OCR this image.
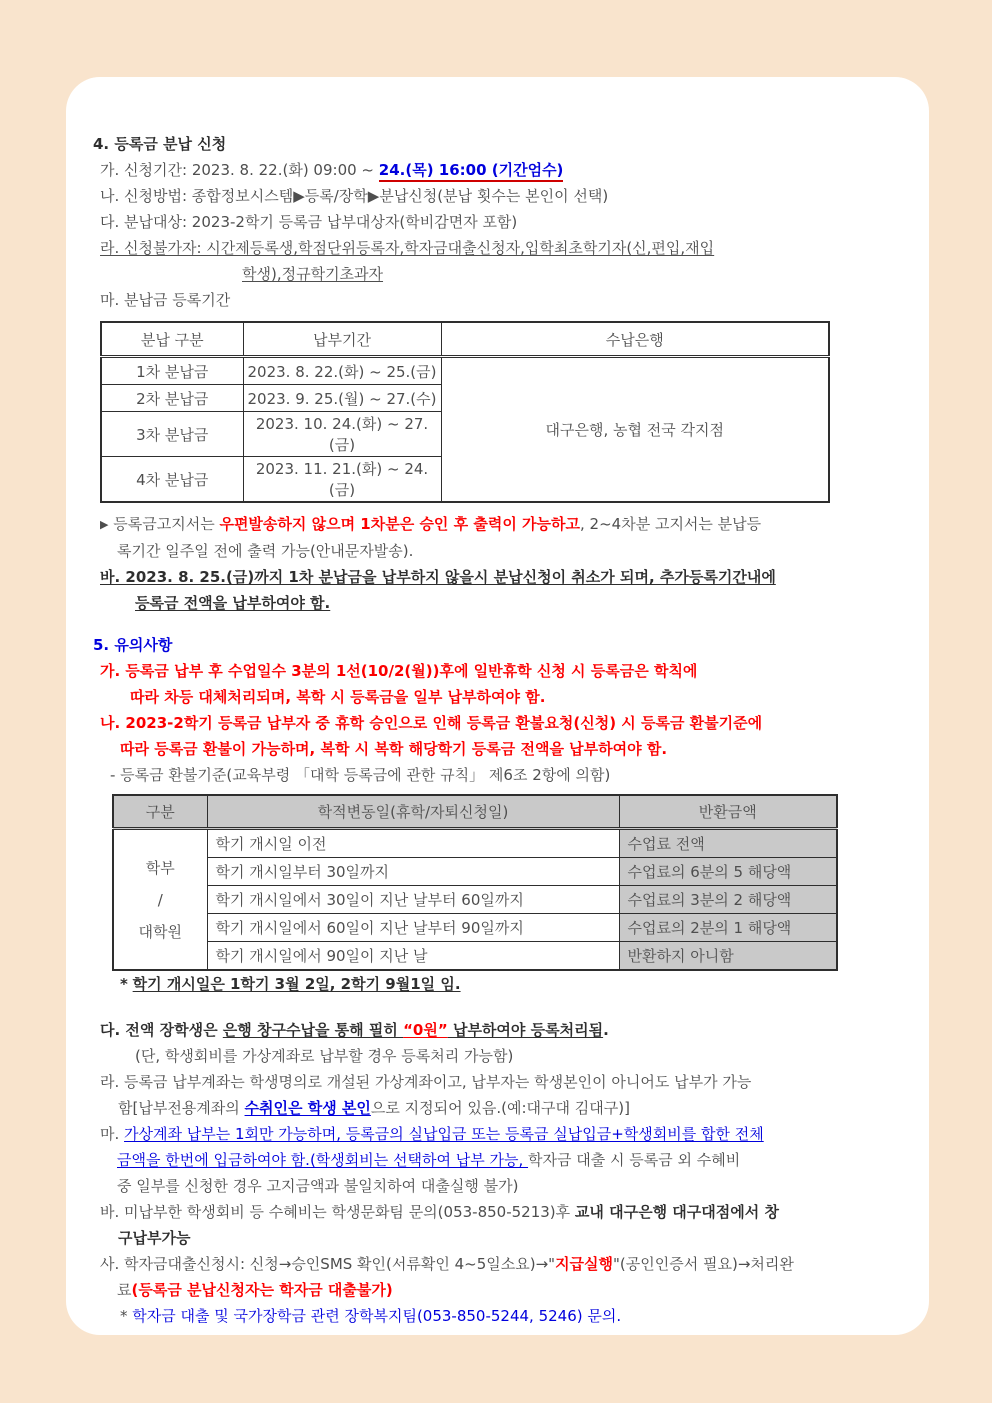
4. 등록금 분납 신청
가. 신청기간: 2023. 8. 22.(화) 09:00 ~ 24.(목) 16:00 (기간엄수)
나. 신청방법: 종합정보시스템▶등록/장학▶분납신청(분납 횟수는 본인이 선택)
다. 분납대상: 2023-2학기 등록금 납부대상자(학비감면자 포함)
라. 신청불가자: 시간제등록생,학점단위등록자,학자금대출신청자,입학최초학기자(신,편입,재입
학생),정규학기초과자
마. 분납금 등록기간
분납 구분	납부기간	수납은행
1차 분납금	2023. 8. 22.(화) ~ 25.(금)	대구은행, 농협 전국 각지점
2차 분납금	2023. 9. 25.(월) ~ 27.(수)	
3차 분납금	2023. 10. 24.(화) ~ 27.(금)	
4차 분납금	2023. 11. 21.(화) ~ 24.(금)	
▶ 등록금고지서는 우편발송하지 않으며 1차분은 승인 후 출력이 가능하고, 2~4차분 고지서는 분납등
록기간 일주일 전에 출력 가능(안내문자발송).
바. 2023. 8. 25.(금)까지 1차 분납금을 납부하지 않을시 분납신청이 취소가 되며, 추가등록기간내에
등록금 전액을 납부하여야 함.
5. 유의사항
가. 등록금 납부 후 수업일수 3분의 1선(10/2(월))후에 일반휴학 신청 시 등록금은 학칙에
따라 차등 대체처리되며, 복학 시 등록금을 일부 납부하여야 함.
나. 2023-2학기 등록금 납부자 중 휴학 승인으로 인해 등록금 환불요청(신청) 시 등록금 환불기준에
따라 등록금 환불이 가능하며, 복학 시 복학 해당학기 등록금 전액을 납부하여야 함.
- 등록금 환불기준(교육부령 「대학 등록금에 관한 규칙」 제6조 2항에 의함)
구분	학적변동일(휴학/자퇴신청일)	반환금액

학부
/
대학원	학기 개시일 이전	수업료 전액
	학기 개시일부터 30일까지	수업료의 6분의 5 해당액
	학기 개시일에서 30일이 지난 날부터 60일까지	수업료의 3분의 2 해당액
	학기 개시일에서 60일이 지난 날부터 90일까지	수업료의 2분의 1 해당액
	학기 개시일에서 90일이 지난 날	반환하지 아니함
* 학기 개시일은 1학기 3월 2일, 2학기 9월1일 임.
다. 전액 장학생은 은행 창구수납을 통해 필히 “0원” 납부하여야 등록처리됨.
(단, 학생회비를 가상계좌로 납부할 경우 등록처리 가능함)
라. 등록금 납부계좌는 학생명의로 개설된 가상계좌이고, 납부자는 학생본인이 아니어도 납부가 가능
함[납부전용계좌의 수취인은 학생 본인으로 지정되어 있음.(예:대구대 김대구)]
마. 가상계좌 납부는 1회만 가능하며, 등록금의 실납입금 또는 등록금 실납입금+학생회비를 합한 전체
금액을 한번에 입금하여야 함.(학생회비는 선택하여 납부 가능, 학자금 대출 시 등록금 외 수혜비
중 일부를 신청한 경우 고지금액과 불일치하여 대출실행 불가)
바. 미납부한 학생회비 등 수혜비는 학생문화팀 문의(053-850-5213)후 교내 대구은행 대구대점에서 창
구납부가능
사. 학자금대출신청시: 신청→승인SMS 확인(서류확인 4~5일소요)→"지급실행"(공인인증서 필요)→처리완
료(등록금 분납신청자는 학자금 대출불가)
* 학자금 대출 및 국가장학금 관련 장학복지팀(053-850-5244, 5246) 문의.
